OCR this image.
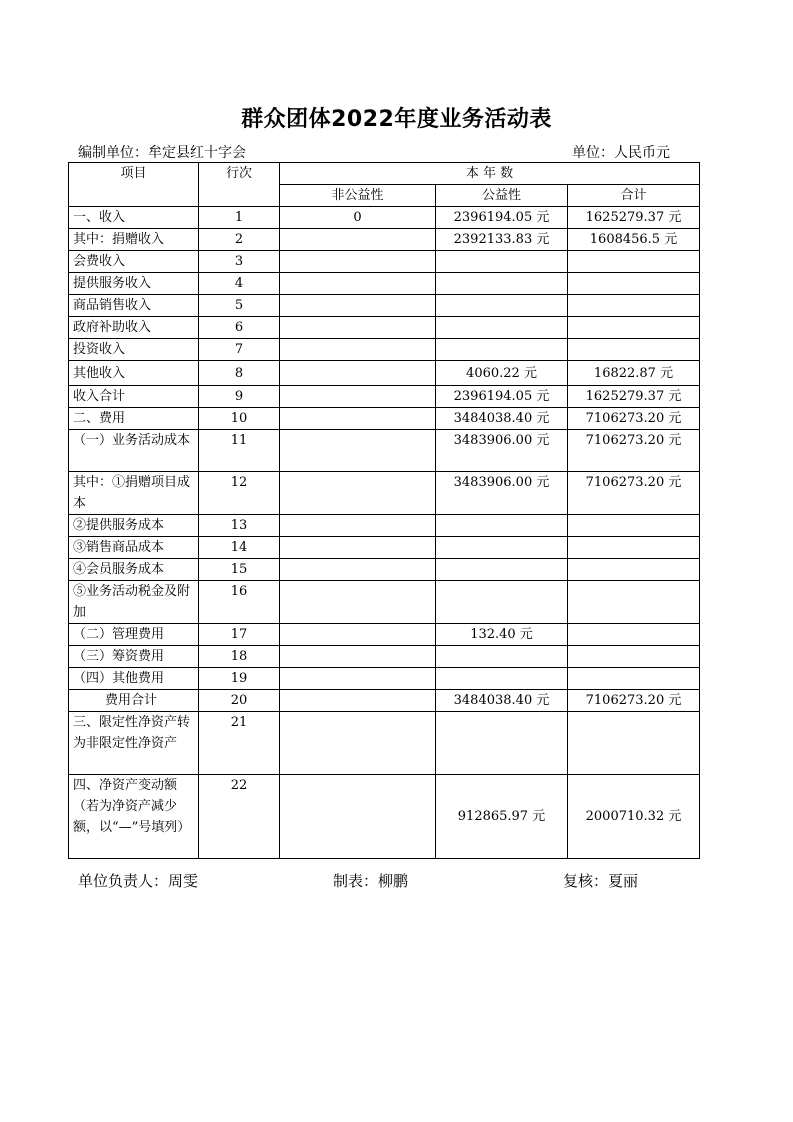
群众团体2022年度业务活动表
编制单位：牟定县红十字会	单位：人民币元
项目	行次	本 年 数		
		非公益性	公益性	合计
一、收入	1	0	2396194.05 元	1625279.37 元
其中：捐赠收入	2		2392133.83 元	1608456.5 元
会费收入	3			
提供服务收入	4			
商品销售收入	5			
政府补助收入	6			
投资收入	7			
其他收入	8		4060.22 元	16822.87 元
收入合计	9		2396194.05 元	1625279.37 元
二、费用	10		3484038.40 元	7106273.20 元
（一）业务活动成本	11		3483906.00 元	7106273.20 元
其中：①捐赠项目成本	12		3483906.00 元	7106273.20 元
②提供服务成本	13			
③销售商品成本	14			
④会员服务成本	15			
⑤业务活动税金及附加	16			
（二）管理费用	17		132.40 元	
（三）筹资费用	18			
（四）其他费用	19			
费用合计	20		3484038.40 元	7106273.20 元
三、限定性净资产转为非限定性净资产	21			
四、净资产变动额（若为净资产减少额，以“—”号填列）	22		912865.97 元	2000710.32 元
单位负责人：周雯	制表：柳鹏	复核：夏丽
